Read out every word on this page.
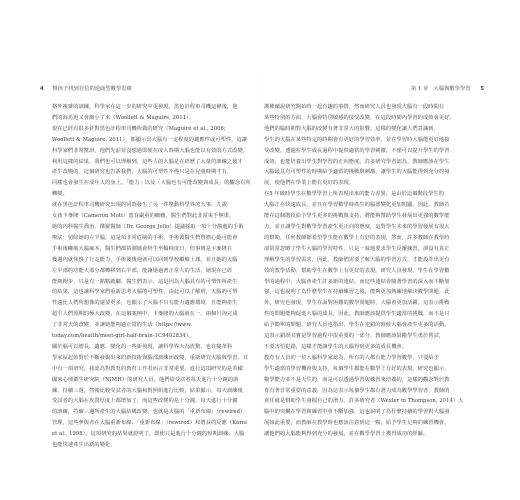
4 幫孩子找到自信的逆商型數學思維	第 1 章　大腦與數學學習 5
格外複雜的訓練，科學家在這一步的研究中更發現，黑色計程車司機這條後，他
們的海馬迴又會縮小了來（Woollett & Maguire, 2011）。
現在已經有很多針對黑色計程車司機所做的研究（Maguire et al., 2006;
Woollett & Maguire, 2011），都顯示出大腦有一定程度的適應性或可塑性。這讓
科學家們非常驚訝，他們先前並沒想過即便在成人時期大腦也能以有效的方式改變，
利用這樣的結果，我們也可以理解到，這些人的大腦是在經歷了大量的訓練之後才
產生改變的。這個研究也告訴我們，大腦的可塑性不僅只是在兒童時期才有，
同樣也會發生在成年人的身上。「能力」以及「大腦也有可能改變與成長」的觀念有所
轉變。
就在黑色計程車司機研究出現的同時發生了另一件驚動科學界的大事，九歲
女孩卡麥隆（Cameron Mott）患有嚴重的癲癇，醫生們對此非常束手無策，
她的內科醫生喬治．傑羅醫師（Dr. George Jello）提議採取一項十分激進的手術
療法：切除她的左半腦，這是項非常危險的手術，手術後醫生們曾擔心她可能會
手術後癱瘓大腦麻木，醫生們都猜測她會終生坐輪椅度日，但事實是卡麥隆在
幾週內就恢復了行走能力，手術後幾週就可以回到學校繼續上課，並且她的大腦
左半部的功能大部分都轉移到右半部，能讓她過著正常人的生活，她現在已經
能夠跑步，只是有一點點跛腳，醫生們表示，這是因為大腦具有的可塑性所產生
的結果，這也讓科學家們重新思考大腦的可塑性，由此可以了解到，大腦的可塑
性遠比人們所想像的還要更多，也顯示了大腦不只有能力適應環境，且能夠產生
超乎人們預期的極大改變，在這個案例中，卡麥隆的大腦就在一、兩個月內完成
了非常大的改變，並讓她能夠過正常的生活（https://www.
today.com/health/meet-girl-half-brain-1C9402834）。
關於腦可以增長、適應、變化的一些新發現，讓科學界大為震驚，也在變革科
學家區起始對於不斷發掘出來的新技術與腦部訓練而改變，重新研究大腦與學習。其
中有一項研究，我認為對教育的教育工作者而言非常重要。進行這項研究的是英國
國家心理衛生研究院（NIMH）的研究人員，他們給受試者每天進行十分鐘的訓
練，持續三週，然後比較受試者的大腦和對照組進行比較，結果顯示，每天訓練後
受試者的大腦在皮質厚度上都增加了，而這些改變的是十分鐘，每天進行十分鐘
的訓練，持續三週所產生的大腦結構改變，也就是大腦的「重新布線」（rewired）
管理，這些參與者在大腦重新布線、「重新布線」（rewired）和增長的反應（Karni
et al., 1998）。這項研究的結果就證明了，即使只是進行十分鐘的短期訓練，大腦
也能快速產生出新的變化。
護佛續說研究開始時一起有趣的事情，然而研究人員也發現大腦有一段時間在
某些特別的方面，大腦會特別敏感的接受改變，在這段時間內學習的成效會更好。
他們的腦時期對大腦的改變有著非常大的影響。這樣的變化讓人們意識到，
學生的大腦在某些特定的時期會有更好的學習效率，並在學習時大腦能更好地接
受改變。透過在學生成長過程中提供適當的學習刺激，不僅可以提升學生的學習
成效，也能培養出學生對學習的正向態度。許多研究學者認為，教師應該在學生
大腦最具有可塑性的時期給予適當的挑戰與刺激，讓學生的大腦能得到充分的發
展，使他們在學業上能有更好的表現。
在5 年級時學生在數學學習上所表現出來的能力差異，是由於這個階段學生的
大腦正在快速成長，並且在學習數學時產生的腦部變化更加明顯，因此，教師若
能在這個階段給予學生更多的挑戰與支持，將能夠幫助學生發展出更強的數學能
力，並且讓學生對數學學習產生更正向的態度，這對學生未來的學習發展有很大
的幫助。任何教師都希望學生能在數學上有好的表現，然而，許多教師在教學時
卻常常忽略了學生大腦的學習特性，只是一味地要求學生反覆練習，卻沒有真正
理解學生的學習需求，因此，教師們需要了解大腦的學習方式，才能設計出更有
效的教學活動，幫助學生在數學上有更好的表現。研究人員發現，學生在學習數
學的過程中，大腦會產生許多新的連結，而這些連結會隨著學習的深入而不斷加
強，這也說明了為什麼學生在持續練習之後，能夠更加熟練地解決數學問題。此
外，研究也發現，學生在面對困難的數學問題時，大腦會更加活躍，這表示挑戰
性的問題能夠促進大腦的成長，因此，教師應該提供學生適當的挑戰，而不是只
給予簡單的問題。研究人員也指出，學生在犯錯的時候大腦會產生更多的活動，
這表示錯誤其實是學習過程中很重要的一部分，教師應該鼓勵學生勇於嘗試，
不要害怕犯錯，這樣才能讓學生的大腦得到更多的成長機會。
教育有人員的一位大腦科學家認為，所有的人都有能力學習數學，只要給予
學生適當的學習機會與支持，每個學生都能在數學上有好的表現。研究也顯示，
數學能力並不是天生的，而是可以透過學習與練習來培養的，這樣的觀念對於教
育有著非常重要的意義，因為這表示每個學生都有潛力成為數學學習者，教師的
責任就是幫助學生發掘自己的潛力。許多研究者（Wexler in Thompson, 2014）大
腦中的突觸在學習與練習中會不斷加強，這也說明了為什麼持續的學習對大腦發
展如此重要，而教師在教學時也應該注意到這一點，給予學生足夠的練習機會，
讓他們的大腦能夠得到充分的發展，並在數學學習上獲得成功的經驗。
